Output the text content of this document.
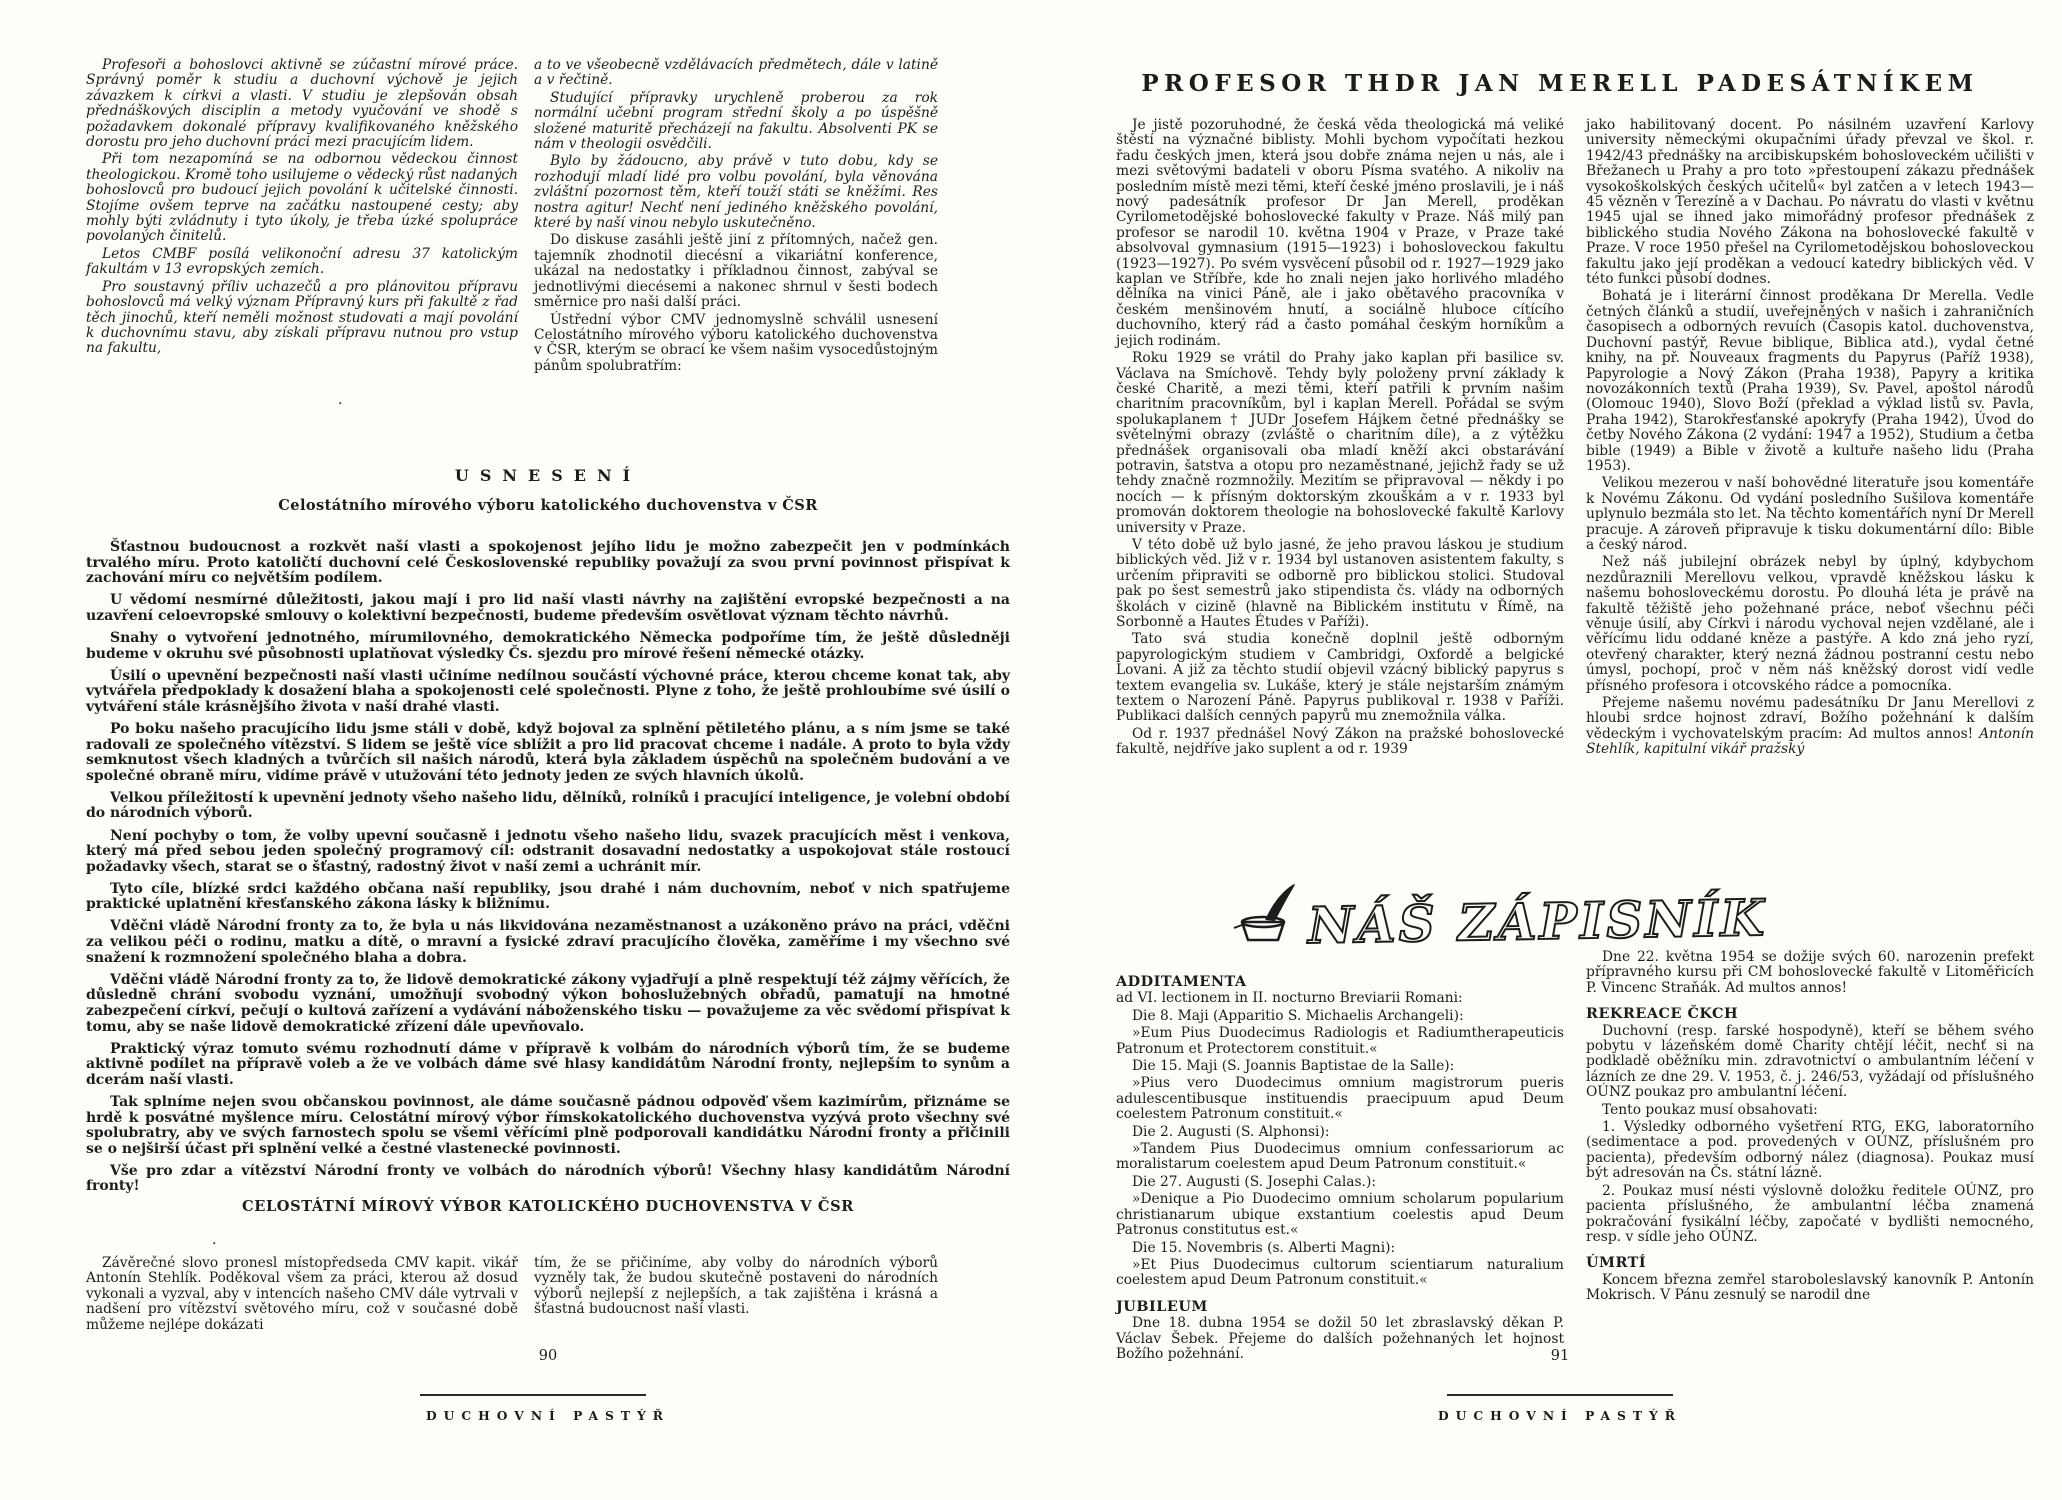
Profesoři a bohoslovci aktivně se zúčastní mírové práce. Správný poměr k studiu a duchovní výchově je jejich závazkem k církvi a vlasti. V studiu je zlepšován obsah přednáškových disciplin a metody vyučování ve shodě s požadavkem dokonalé přípravy kvalifikovaného kněžského dorostu pro jeho duchovní práci mezi pracujícím lidem.

Při tom nezapomíná se na odbornou vědeckou činnost theologickou. Kromě toho usilujeme o vědecký růst nadaných bohoslovců pro budoucí jejich povolání k učitelské činnosti. Stojíme ovšem teprve na začátku nastoupené cesty; aby mohly býti zvládnuty i tyto úkoly, je třeba úzké spolupráce povolaných činitelů.

Letos CMBF posílá velikonoční adresu 37 katolickým fakultám v 13 evropských zemích.

Pro soustavný příliv uchazečů a pro plánovitou přípravu bohoslovců má velký význam Přípravný kurs při fakultě z řad těch jinochů, kteří neměli možnost studovati a mají povolání k duchovnímu stavu, aby získali přípravu nutnou pro vstup na fakultu,

a to ve všeobecně vzdělávacích předmětech, dále v latině a v řečtině.

Studující přípravky urychleně proberou za rok normální učební program střední školy a po úspěšně složené maturitě přecházejí na fakultu. Absolventi PK se nám v theologii osvědčili.

Bylo by žádoucno, aby právě v tuto dobu, kdy se rozhodují mladí lidé pro volbu povolání, byla věnována zvláštní pozornost těm, kteří touží státi se kněžími. Res nostra agitur! Nechť není jediného kněžského povolání, které by naší vinou nebylo uskutečněno.

Do diskuse zasáhli ještě jiní z přítomných, načež gen. tajemník zhodnotil diecésní a vikariátní konference, ukázal na nedostatky i příkladnou činnost, zabýval se jednotlivými diecésemi a nakonec shrnul v šesti bodech směrnice pro naši další práci.

Ústřední výbor CMV jednomyslně schválil usnesení Celostátního mírového výboru katolického duchovenstva v ČSR, kterým se obrací ke všem našim vysocedůstojným pánům spolubratřím:

.
USNESENÍ
Celostátního mírového výboru katolického duchovenstva v ČSR

Šťastnou budoucnost a rozkvět naší vlasti a spokojenost jejího lidu je možno zabezpečit jen v podmínkách trvalého míru. Proto katoličtí duchovní celé Československé republiky považují za svou první povinnost přispívat k zachování míru co největším podílem.

U vědomí nesmírné důležitosti, jakou mají i pro lid naší vlasti návrhy na zajištění evropské bezpečnosti a na uzavření celoevropské smlouvy o kolektivní bezpečnosti, budeme především osvětlovat význam těchto návrhů.

Snahy o vytvoření jednotného, mírumilovného, demokratického Německa podpoříme tím, že ještě důsledněji budeme v okruhu své působnosti uplatňovat výsledky Čs. sjezdu pro mírové řešení německé otázky.

Úsilí o upevnění bezpečnosti naší vlasti učiníme nedílnou součástí výchovné práce, kterou chceme konat tak, aby vytvářela předpoklady k dosažení blaha a spokojenosti celé společnosti. Plyne z toho, že ještě prohloubíme své úsilí o vytváření stále krásnějšího života v naší drahé vlasti.

Po boku našeho pracujícího lidu jsme stáli v době, když bojoval za splnění pětiletého plánu, a s ním jsme se také radovali ze společného vítězství. S lidem se ještě více sblížit a pro lid pracovat chceme i nadále. A proto to byla vždy semknutost všech kladných a tvůrčích sil našich národů, která byla základem úspěchů na společném budování a ve společné obraně míru, vidíme právě v utužování této jednoty jeden ze svých hlavních úkolů.

Velkou příležitostí k upevnění jednoty všeho našeho lidu, dělníků, rolníků i pracující inteligence, je volební období do národních výborů.

Není pochyby o tom, že volby upevní současně i jednotu všeho našeho lidu, svazek pracujících měst i venkova, který má před sebou jeden společný programový cíl: odstranit dosavadní nedostatky a uspokojovat stále rostoucí požadavky všech, starat se o šťastný, radostný život v naší zemi a uchránit mír.

Tyto cíle, blízké srdci každého občana naší republiky, jsou drahé i nám duchovním, neboť v nich spatřujeme praktické uplatnění křesťanského zákona lásky k bližnímu.

Vděčni vládě Národní fronty za to, že byla u nás likvidována nezaměstnanost a uzákoněno právo na práci, vděčni za velikou péči o rodinu, matku a dítě, o mravní a fysické zdraví pracujícího člověka, zaměříme i my všechno své snažení k rozmnožení společného blaha a dobra.

Vděčni vládě Národní fronty za to, že lidově demokratické zákony vyjadřují a plně respektují též zájmy věřících, že důsledně chrání svobodu vyznání, umožňují svobodný výkon bohoslužebných obřadů, pamatují na hmotné zabezpečení církví, pečují o kultová zařízení a vydávání náboženského tisku — považujeme za věc svědomí přispívat k tomu, aby se naše lidově demokratické zřízení dále upevňovalo.

Praktický výraz tomuto svému rozhodnutí dáme v přípravě k volbám do národních výborů tím, že se budeme aktivně podílet na přípravě voleb a že ve volbách dáme své hlasy kandidátům Národní fronty, nejlepším to synům a dcerám naší vlasti.

Tak splníme nejen svou občanskou povinnost, ale dáme současně pádnou odpověď všem kazimírům, přiznáme se hrdě k posvátné myšlence míru. Celostátní mírový výbor římskokatolického duchovenstva vyzývá proto všechny své spolubratry, aby ve svých farnostech spolu se všemi věřícími plně podporovali kandidátku Národní fronty a přičinili se o nejširší účast při splnění velké a čestné vlastenecké povinnosti.

Vše pro zdar a vítězství Národní fronty ve volbách do národních výborů! Všechny hlasy kandidátům Národní fronty!

CELOSTÁTNÍ MÍROVÝ VÝBOR KATOLICKÉHO DUCHOVENSTVA V ČSR
.

Závěrečné slovo pronesl místopředseda CMV kapit. vikář Antonín Stehlík. Poděkoval všem za práci, kterou až dosud vykonali a vyzval, aby v intencích našeho CMV dále vytrvali v nadšení pro vítězství světového míru, což v současné době můžeme nejlépe dokázati

tím, že se přičiníme, aby volby do národních výborů vyzněly tak, že budou skutečně postaveni do národních výborů nejlepší z nejlepších, a tak zajištěna i krásná a šťastná budoucnost naší vlasti.

90
DUCHOVNÍ PASTÝŘ
PROFESOR THDR JAN MERELL PADESÁTNÍKEM

Je jistě pozoruhodné, že česká věda theologická má veliké štěstí na význačné biblisty. Mohli bychom vypočítati hezkou řadu českých jmen, která jsou dobře známa nejen u nás, ale i mezi světovými badateli v oboru Písma svatého. A nikoliv na posledním místě mezi těmi, kteří české jméno proslavili, je i náš nový padesátník profesor Dr Jan Merell, proděkan Cyrilometodějské bohoslovecké fakulty v Praze. Náš milý pan profesor se narodil 10. května 1904 v Praze, v Praze také absolvoval gymnasium (1915—1923) i bohosloveckou fakultu (1923—1927). Po svém vysvěcení působil od r. 1927—1929 jako kaplan ve Stříbře, kde ho znali nejen jako horlivého mladého dělníka na vinici Páně, ale i jako obětavého pracovníka v českém menšinovém hnutí, a sociálně hluboce cítícího duchovního, který rád a často pomáhal českým horníkům a jejich rodinám.

Roku 1929 se vrátil do Prahy jako kaplan při basilice sv. Václava na Smíchově. Tehdy byly položeny první základy k české Charitě, a mezi těmi, kteří patřili k prvním našim charitním pracovníkům, byl i kaplan Merell. Pořádal se svým spolukaplanem † JUDr Josefem Hájkem četné přednášky se světelnými obrazy (zvláště o charitním díle), a z výtěžku přednášek organisovali oba mladí kněží akci obstarávání potravin, šatstva a otopu pro nezaměstnané, jejichž řady se už tehdy značně rozmnožily. Mezitím se připravoval — někdy i po nocích — k přísným doktorským zkouškám a v r. 1933 byl promován doktorem theologie na bohoslovecké fakultě Karlovy university v Praze.

V této době už bylo jasné, že jeho pravou láskou je studium biblických věd. Již v r. 1934 byl ustanoven asistentem fakulty, s určením připraviti se odborně pro biblickou stolici. Studoval pak po šest semestrů jako stipendista čs. vlády na odborných školách v cizině (hlavně na Biblickém institutu v Římě, na Sorbonně a Hautes Études v Paříži).

Tato svá studia konečně doplnil ještě odborným papyrologickým studiem v Cambridgi, Oxfordě a belgické Lovani. A již za těchto studií objevil vzácný biblický papyrus s textem evangelia sv. Lukáše, který je stále nejstarším známým textem o Narození Páně. Papyrus publikoval r. 1938 v Paříži. Publikaci dalších cenných papyrů mu znemožnila válka.

Od r. 1937 přednášel Nový Zákon na pražské bohoslovecké fakultě, nejdříve jako suplent a od r. 1939

jako habilitovaný docent. Po násilném uzavření Karlovy university německými okupačními úřady převzal ve škol. r. 1942/43 přednášky na arcibiskupském bohosloveckém učilišti v Břežanech u Prahy a pro toto »přestoupení zákazu přednášek vysokoškolských českých učitelů« byl zatčen a v letech 1943—45 vězněn v Terezíně a v Dachau. Po návratu do vlasti v květnu 1945 ujal se ihned jako mimořádný profesor přednášek z biblického studia Nového Zákona na bohoslovecké fakultě v Praze. V roce 1950 přešel na Cyrilometodějskou bohosloveckou fakultu jako její proděkan a vedoucí katedry biblických věd. V této funkci působí dodnes.

Bohatá je i literární činnost proděkana Dr Merella. Vedle četných článků a studií, uveřejněných v našich i zahraničních časopisech a odborných revuích (Časopis katol. duchovenstva, Duchovní pastýř, Revue biblique, Biblica atd.), vydal četné knihy, na př. Nouveaux fragments du Papyrus (Paříž 1938), Papyrologie a Nový Zákon (Praha 1938), Papyry a kritika novozákonních textů (Praha 1939), Sv. Pavel, apoštol národů (Olomouc 1940), Slovo Boží (překlad a výklad listů sv. Pavla, Praha 1942), Starokřesťanské apokryfy (Praha 1942), Úvod do četby Nového Zákona (2 vydání: 1947 a 1952), Studium a četba bible (1949) a Bible v životě a kultuře našeho lidu (Praha 1953).

Velikou mezerou v naší bohovědné literatuře jsou komentáře k Novému Zákonu. Od vydání posledního Sušilova komentáře uplynulo bezmála sto let. Na těchto komentářích nyní Dr Merell pracuje. A zároveň připravuje k tisku dokumentární dílo: Bible a český národ.

Než náš jubilejní obrázek nebyl by úplný, kdybychom nezdůraznili Merellovu velkou, vpravdě kněžskou lásku k našemu bohosloveckému dorostu. Po dlouhá léta je právě na fakultě těžiště jeho požehnané práce, neboť všechnu péči věnuje úsilí, aby Církvi i národu vychoval nejen vzdělané, ale i věřícímu lidu oddané kněze a pastýře. A kdo zná jeho ryzí, otevřený charakter, který nezná žádnou postranní cestu nebo úmysl, pochopí, proč v něm náš kněžský dorost vidí vedle přísného profesora i otcovského rádce a pomocníka.

Přejeme našemu novému padesátníku Dr Janu Merellovi z hloubi srdce hojnost zdraví, Božího požehnání k dalším vědeckým i vychovatelským pracím: Ad multos annos! Antonín Stehlík, kapitulní vikář pražský

NÁŠ ZÁPISNÍK
ADDITAMENTA

ad VI. lectionem in II. nocturno Breviarii Romani:

Die 8. Maji (Apparitio S. Michaelis Archangeli):

»Eum Pius Duodecimus Radiologis et Radiumtherapeuticis Patronum et Protectorem constituit.«

Die 15. Maji (S. Joannis Baptistae de la Salle):

»Pius vero Duodecimus omnium magistrorum pueris adulescentibusque instituendis praecipuum apud Deum coelestem Patronum constituit.«

Die 2. Augusti (S. Alphonsi):

»Tandem Pius Duodecimus omnium confessariorum ac moralistarum coelestem apud Deum Patronum constituit.«

Die 27. Augusti (S. Josephi Calas.):

»Denique a Pio Duodecimo omnium scholarum popularium christianarum ubique exstantium coelestis apud Deum Patronus constitutus est.«

Die 15. Novembris (s. Alberti Magni):

»Et Pius Duodecimus cultorum scientiarum naturalium coelestem apud Deum Patronum constituit.«

JUBILEUM

Dne 18. dubna 1954 se dožil 50 let zbraslavský děkan P. Václav Šebek. Přejeme do dalších požehnaných let hojnost Božího požehnání.

Dne 22. května 1954 se dožije svých 60. narozenin prefekt přípravného kursu při CM bohoslovecké fakultě v Litoměřicích P. Vincenc Straňák. Ad multos annos!

REKREACE ČKCH

Duchovní (resp. farské hospodyně), kteří se během svého pobytu v lázeňském domě Charity chtějí léčit, nechť si na podkladě oběžníku min. zdravotnictví o ambulantním léčení v lázních ze dne 29. V. 1953, č. j. 246/53, vyžádají od příslušného OÚNZ poukaz pro ambulantní léčení.

Tento poukaz musí obsahovati:

1. Výsledky odborného vyšetření RTG, EKG, laboratorního (sedimentace a pod. provedených v OÚNZ, příslušném pro pacienta), především odborný nález (diagnosa). Poukaz musí být adresován na Čs. státní lázně.

2. Poukaz musí nésti výslovně doložku ředitele OÚNZ, pro pacienta příslušného, že ambulantní léčba znamená pokračování fysikální léčby, započaté v bydlišti nemocného, resp. v sídle jeho OÚNZ.

ÚMRTÍ

Koncem března zemřel staroboleslavský kanovník P. Antonín Mokrisch. V Pánu zesnulý se narodil dne

91
DUCHOVNÍ PASTÝŘ
